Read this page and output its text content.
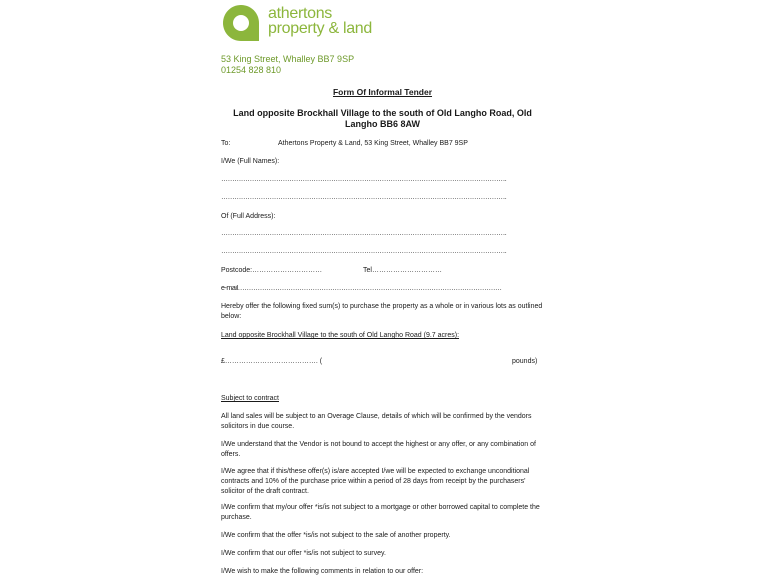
athertons
property & land
53 King Street, Whalley BB7 9SP
01254 828 810
Form Of Informal Tender
Land opposite Brockhall Village to the south of Old Langho Road, Old Langho BB6 8AW
To:	Athertons Property & Land, 53 King Street, Whalley BB7 9SP
I/We (Full Names):
………………………………………………………………………………………………………………….
………………………………………………………………………………………………………………….
Of (Full Address):
………………………………………………………………………………………………………………….
………………………………………………………………………………………………………………….
Postcode:…………………………	Tel…………………………
e-mail…………………………………………………………………………………………………………
Hereby offer the following fixed sum(s) to purchase the property as a whole or in various lots as outlined below:
Land opposite Brockhall Village to the south of Old Langho Road (9.7 acres):
£…………………………………. (	pounds)
Subject to contract
All land sales will be subject to an Overage Clause, details of which will be confirmed by the vendors solicitors in due course.
I/We understand that the Vendor is not bound to accept the highest or any offer, or any combination of offers.
I/We agree that if this/these offer(s) is/are accepted I/we will be expected to exchange unconditional contracts and 10% of the purchase price within a period of 28 days from receipt by the purchasers' solicitor of the draft contract.
I/We confirm that my/our offer *is/is not subject to a mortgage or other borrowed capital to complete the purchase.
I/We confirm that the offer *is/is not subject to the sale of another property.
I/We confirm that our offer *is/is not subject to survey.
I/We wish to make the following comments in relation to our offer:
